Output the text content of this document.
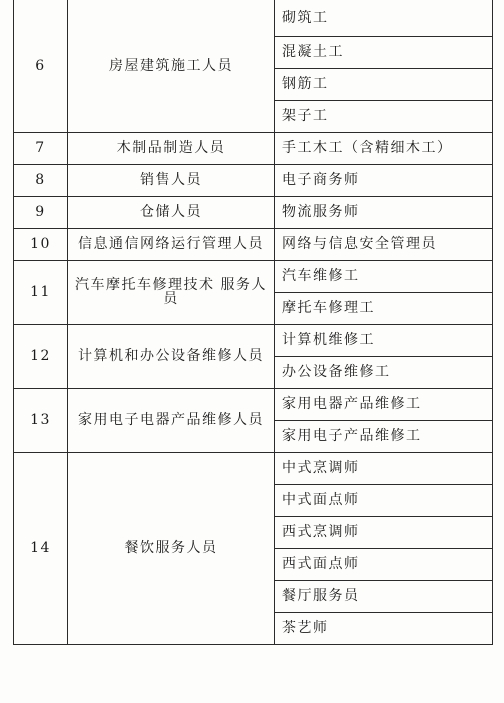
6	房屋建筑施工人员	砌筑工
		混凝土工
		钢筋工
		架子工
7	木制品制造人员	手工木工（含精细木工）
8	销售人员	电子商务师
9	仓储人员	物流服务师
10	信息通信网络运行管理人员	网络与信息安全管理员
11	汽车摩托车修理技术 服务人员	汽车维修工
		摩托车修理工
12	计算机和办公设备维修人员	计算机维修工
		办公设备维修工
13	家用电子电器产品维修人员	家用电器产品维修工
		家用电子产品维修工
14	餐饮服务人员	中式烹调师
		中式面点师
		西式烹调师
		西式面点师
		餐厅服务员
		茶艺师
